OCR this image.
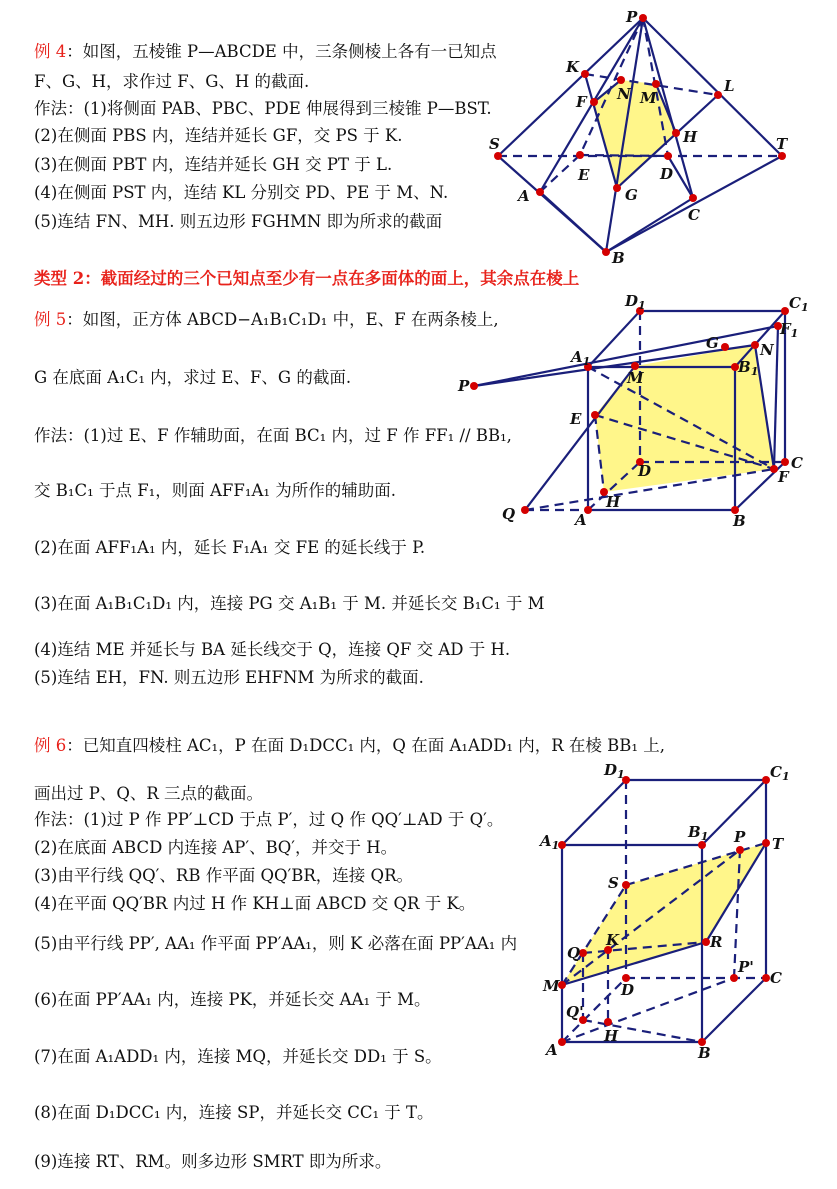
例 4：如图，五棱锥 P—ABCDE 中，三条侧棱上各有一已知点
F、G、H，求作过 F、G、H 的截面.
作法：(1)将侧面 PAB、PBC、PDE 伸展得到三棱锥 P—BST.
(2)在侧面 PBS 内，连结并延长 GF，交 PS 于 K.
(3)在侧面 PBT 内，连结并延长 GH 交 PT 于 L.
(4)在侧面 PST 内，连结 KL 分别交 PD、PE 于 M、N.
(5)连结 FN、MH. 则五边形 FGHMN 即为所求的截面
类型 2：截面经过的三个已知点至少有一点在多面体的面上，其余点在棱上
例 5：如图，正方体 ABCD−A₁B₁C₁D₁ 中，E、F 在两条棱上,
G 在底面 A₁C₁ 内，求过 E、F、G 的截面.
作法：(1)过 E、F 作辅助面，在面 BC₁ 内，过 F 作 FF₁ // BB₁,
交 B₁C₁ 于点 F₁，则面 AFF₁A₁ 为所作的辅助面.
(2)在面 AFF₁A₁ 内，延长 F₁A₁ 交 FE 的延长线于 P.
(3)在面 A₁B₁C₁D₁ 内，连接 PG 交 A₁B₁ 于 M. 并延长交 B₁C₁ 于 M
(4)连结 ME 并延长与 BA 延长线交于 Q，连接 QF 交 AD 于 H.
(5)连结 EH，FN. 则五边形 EHFNM 为所求的截面.
例 6：已知直四棱柱 AC₁，P 在面 D₁DCC₁ 内，Q 在面 A₁ADD₁ 内，R 在棱 BB₁ 上,
画出过 P、Q、R 三点的截面。
作法：(1)过 P 作 PP′⊥CD 于点 P′，过 Q 作 QQ′⊥AD 于 Q′。
(2)在底面 ABCD 内连接 AP′、BQ′，并交于 H。
(3)由平行线 QQ′、RB 作平面 QQ′BR，连接 QR。
(4)在平面 QQ′BR 内过 H 作 KH⊥面 ABCD 交 QR 于 K。
(5)由平行线 PP′, AA₁ 作平面 PP′AA₁，则 K 必落在面 PP′AA₁ 内
(6)在面 PP′AA₁ 内，连接 PK，并延长交 AA₁ 于 M。
(7)在面 A₁ADD₁ 内，连接 MQ，并延长交 DD₁ 于 S。
(8)在面 D₁DCC₁ 内，连接 SP，并延长交 CC₁ 于 T。
(9)连接 RT、RM。则多边形 SMRT 即为所求。
P
K
N M
L
F
S	H	T
E	D
A	G
C
B
$D_1$	$C_1$
$F_1$
$A_1$
G	N
P	M
$B_1$
E
D	C
F
H
Q	A	B
$D_1$	$C_1$
$A_1$
$B_1$ P T
S
Q
K	R
P'
M	D
C
Q'
A
H
B
